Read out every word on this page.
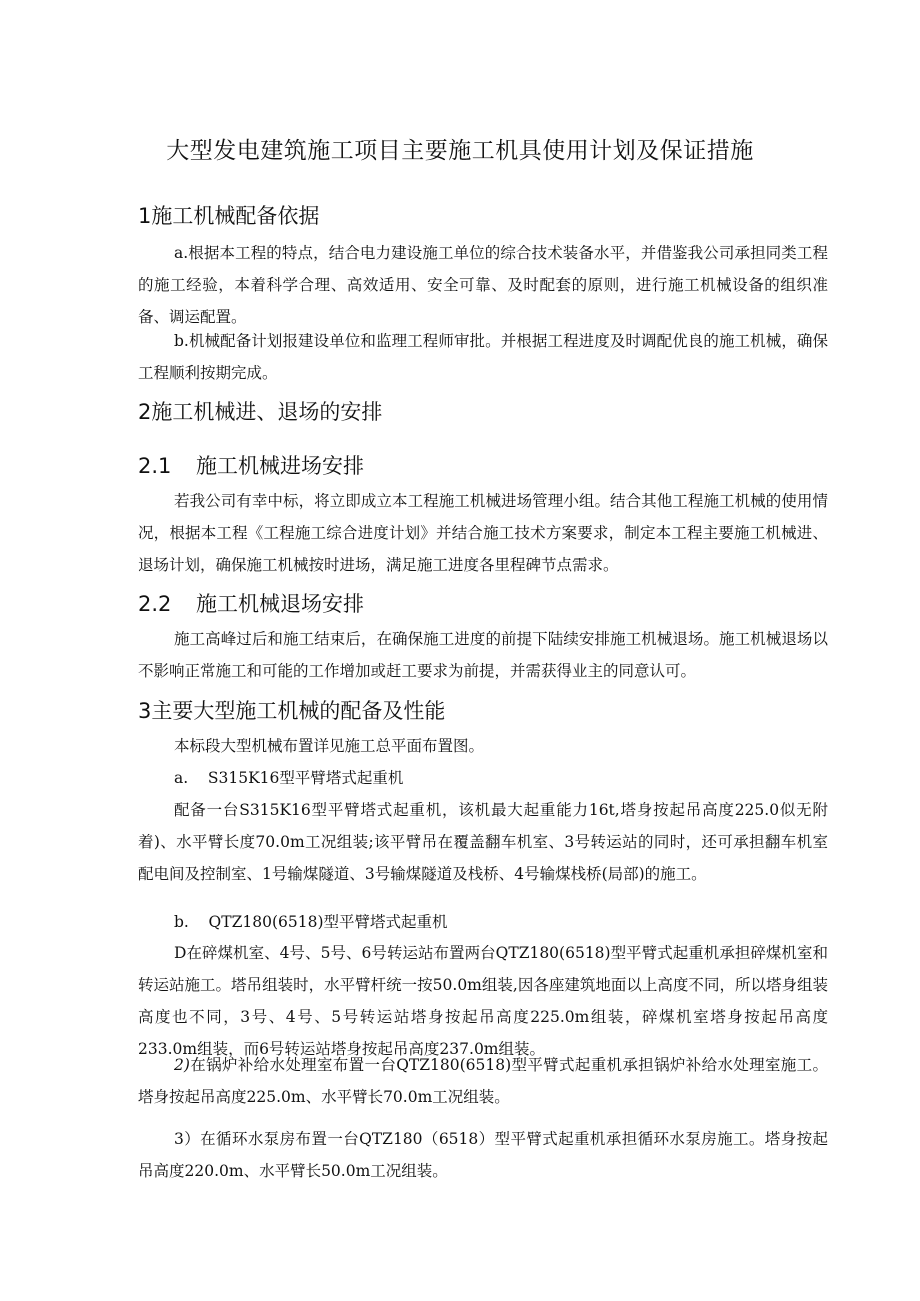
大型发电建筑施工项目主要施工机具使用计划及保证措施
1施工机械配备依据

a.根据本工程的特点，结合电力建设施工单位的综合技术装备水平，并借鉴我公司承担同类工程的施工经验，本着科学合理、高效适用、安全可靠、及时配套的原则，进行施工机械设备的组织准备、调运配置。

b.机械配备计划报建设单位和监理工程师审批。并根据工程进度及时调配优良的施工机械，确保工程顺利按期完成。

2施工机械进、退场的安排
2.1 施工机械进场安排

若我公司有幸中标，将立即成立本工程施工机械进场管理小组。结合其他工程施工机械的使用情况，根据本工程《工程施工综合进度计划》并结合施工技术方案要求，制定本工程主要施工机械进、退场计划，确保施工机械按时进场，满足施工进度各里程碑节点需求。

2.2 施工机械退场安排

施工高峰过后和施工结束后，在确保施工进度的前提下陆续安排施工机械退场。施工机械退场以不影响正常施工和可能的工作增加或赶工要求为前提，并需获得业主的同意认可。

3主要大型施工机械的配备及性能

本标段大型机械布置详见施工总平面布置图。

a.    S315K16型平臂塔式起重机

配备一台S315K16型平臂塔式起重机，该机最大起重能力16t,塔身按起吊高度225.0似无附着)、水平臂长度70.0m工况组装;该平臂吊在覆盖翻车机室、3号转运站的同时，还可承担翻车机室配电间及控制室、1号输煤隧道、3号输煤隧道及栈桥、4号输煤栈桥(局部)的施工。

b.    QTZ180(6518)型平臂塔式起重机

D在碎煤机室、4号、5号、6号转运站布置两台QTZ180(6518)型平臂式起重机承担碎煤机室和转运站施工。塔吊组装时，水平臂杆统一按50.0m组装,因各座建筑地面以上高度不同，所以塔身组装高度也不同，3号、4号、5号转运站塔身按起吊高度225.0m组装，碎煤机室塔身按起吊高度233.0m组装，而6号转运站塔身按起吊高度237.0m组装。

2)在锅炉补给水处理室布置一台QTZ180(6518)型平臂式起重机承担锅炉补给水处理室施工。塔身按起吊高度225.0m、水平臂长70.0m工况组装。

3）在循环水泵房布置一台QTZ180（6518）型平臂式起重机承担循环水泵房施工。塔身按起吊高度220.0m、水平臂长50.0m工况组装。
